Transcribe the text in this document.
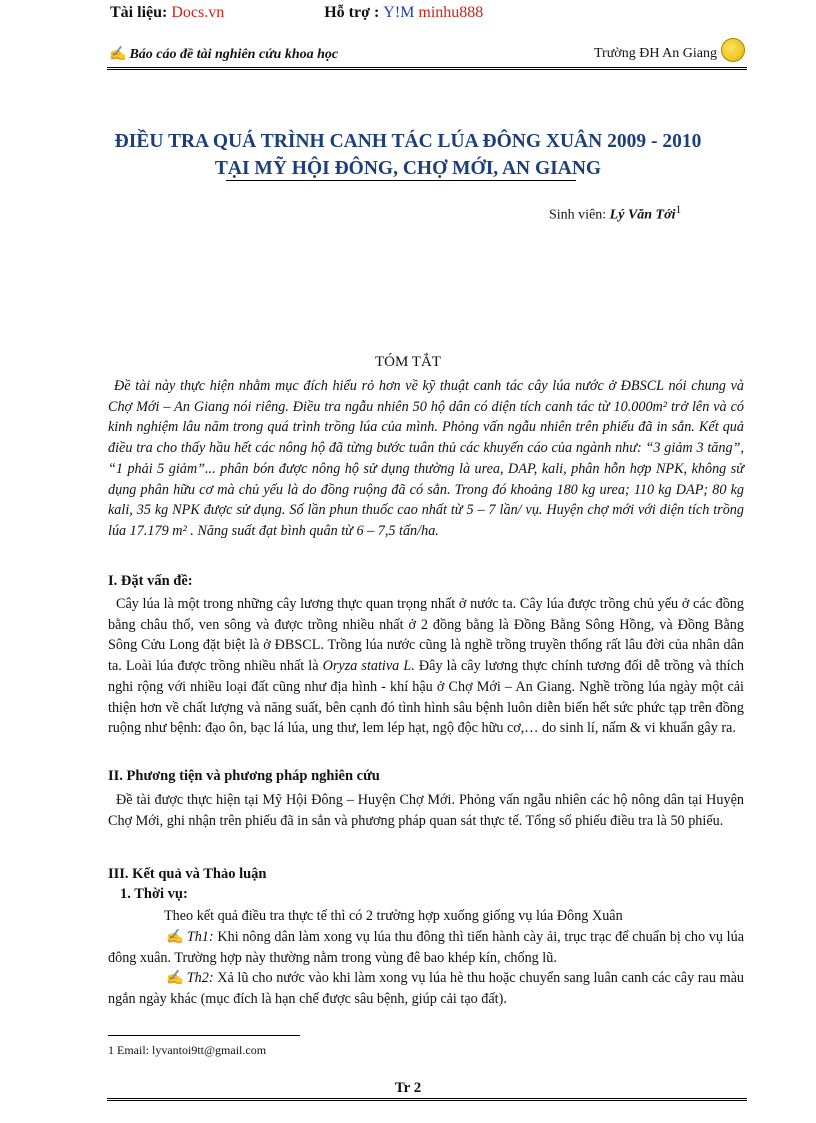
Tài liệu: Docs.vn	Hỗ trợ : Y!M minhu888
✍ Báo cáo đề tài nghiên cứu khoa học	Trường ĐH An Giang
ĐIỀU TRA QUÁ TRÌNH CANH TÁC LÚA ĐÔNG XUÂN 2009 - 2010
TẠI MỸ HỘI ĐÔNG, CHỢ MỚI, AN GIANG
Sinh viên: Lý Văn Tới$^1$
TÓM TẮT
Đề tài này thực hiện nhằm mục đích hiểu rỏ hơn về kỹ thuật canh tác cây lúa nước ở ĐBSCL nói chung và Chợ Mới – An Giang nói riêng. Điều tra ngẫu nhiên 50 hộ dân có diện tích canh tác từ 10.000m² trở lên và có kinh nghiệm lâu năm trong quá trình trồng lúa của mình. Phỏng vấn ngẫu nhiên trên phiếu đã in sẳn. Kết quả điều tra cho thấy hầu hết các nông hộ đã từng bước tuân thủ các khuyến cáo của ngành như: “3 giảm 3 tăng”, “1 phải 5 giảm”... phân bón được nông hộ sử dụng thường là urea, DAP, kali, phân hỗn hợp NPK, không sử dụng phân hữu cơ mà chủ yếu là do đồng ruộng đã có sẳn. Trong đó khoảng 180 kg urea; 110 kg DAP; 80 kg kali, 35 kg NPK được sử dụng. Số lần phun thuốc cao nhất từ 5 – 7 lần/ vụ. Huyện chợ mới với diện tích trồng lúa 17.179 m² . Năng suất đạt bình quân từ 6 – 7,5 tấn/ha.
I. Đặt vấn đề:
Cây lúa là một trong những cây lương thực quan trọng nhất ở nước ta. Cây lúa được trồng chủ yếu ở các đồng bằng châu thổ, ven sông và được trồng nhiều nhất ở 2 đồng bằng là Đồng Bằng Sông Hồng, và Đồng Bằng Sông Cửu Long đặt biệt là ở ĐBSCL. Trồng lúa nước cũng là nghề trồng truyền thống rất lâu đời của nhân dân ta. Loài lúa được trồng nhiều nhất là Oryza stativa L. Đây là cây lương thực chính tương đối dễ trồng và thích nghi rộng với nhiều loại đất cũng như địa hình - khí hậu ở Chợ Mới – An Giang. Nghề trồng lúa ngày một cải thiện hơn về chất lượng và năng suất, bên cạnh đó tình hình sâu bệnh luôn diễn biến hết sức phức tạp trên đồng ruộng như bệnh: đạo ôn, bạc lá lúa, ung thư, lem lép hạt, ngộ độc hữu cơ,… do sinh lí, nấm & vi khuẩn gây ra.
II. Phương tiện và phương pháp nghiên cứu
Đề tài được thực hiện tại Mỹ Hội Đông – Huyện Chợ Mới. Phỏng vấn ngẫu nhiên các hộ nông dân tại Huyện Chợ Mới, ghi nhận trên phiếu đã in sẳn và phương pháp quan sát thực tế. Tổng số phiếu điều tra là 50 phiếu.
III. Kết quả và Thảo luận
1. Thời vụ:
Theo kết quả điều tra thực tế thì có 2 trường hợp xuống giống vụ lúa Đông Xuân
✍ Th1: Khi nông dân làm xong vụ lúa thu đông thì tiến hành cày ải, trục trạc để chuẩn bị cho vụ lúa đông xuân. Trường hợp này thường nằm trong vùng đê bao khép kín, chống lũ.
✍ Th2: Xả lũ cho nước vào khi làm xong vụ lúa hè thu hoặc chuyển sang luân canh các cây rau màu ngắn ngày khác (mục đích là hạn chế được sâu bệnh, giúp cải tạo đất).
1 Email: lyvantoi9tt@gmail.com
Tr 2
